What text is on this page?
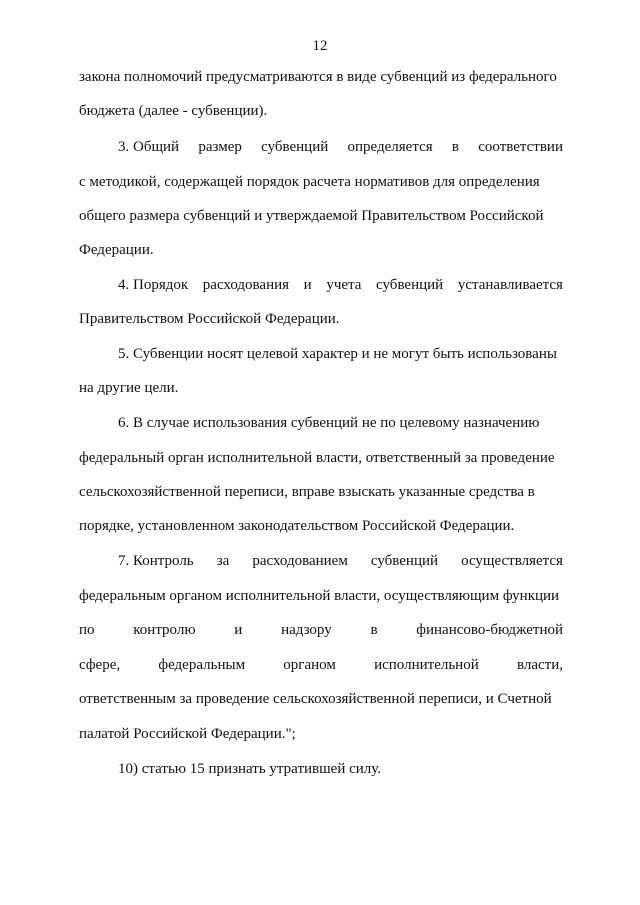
12
закона полномочий предусматриваются в виде субвенций из федерального
бюджета (далее - субвенции).
3. Общий размер субвенций определяется в соответствии
с методикой, содержащей порядок расчета нормативов для определения
общего размера субвенций и утверждаемой Правительством Российской
Федерации.
4. Порядок расходования и учета субвенций устанавливается
Правительством Российской Федерации.
5. Субвенции носят целевой характер и не могут быть использованы
на другие цели.
6. В случае использования субвенций не по целевому назначению
федеральный орган исполнительной власти, ответственный за проведение
сельскохозяйственной переписи, вправе взыскать указанные средства в
порядке, установленном законодательством Российской Федерации.
7. Контроль за расходованием субвенций осуществляется
федеральным органом исполнительной власти, осуществляющим функции
по	контролю	и	надзору	в	финансово-бюджетной
сфере,	федеральным	органом	исполнительной	власти,
ответственным за проведение сельскохозяйственной переписи, и Счетной
палатой Российской Федерации.";
10) статью 15 признать утратившей силу.
